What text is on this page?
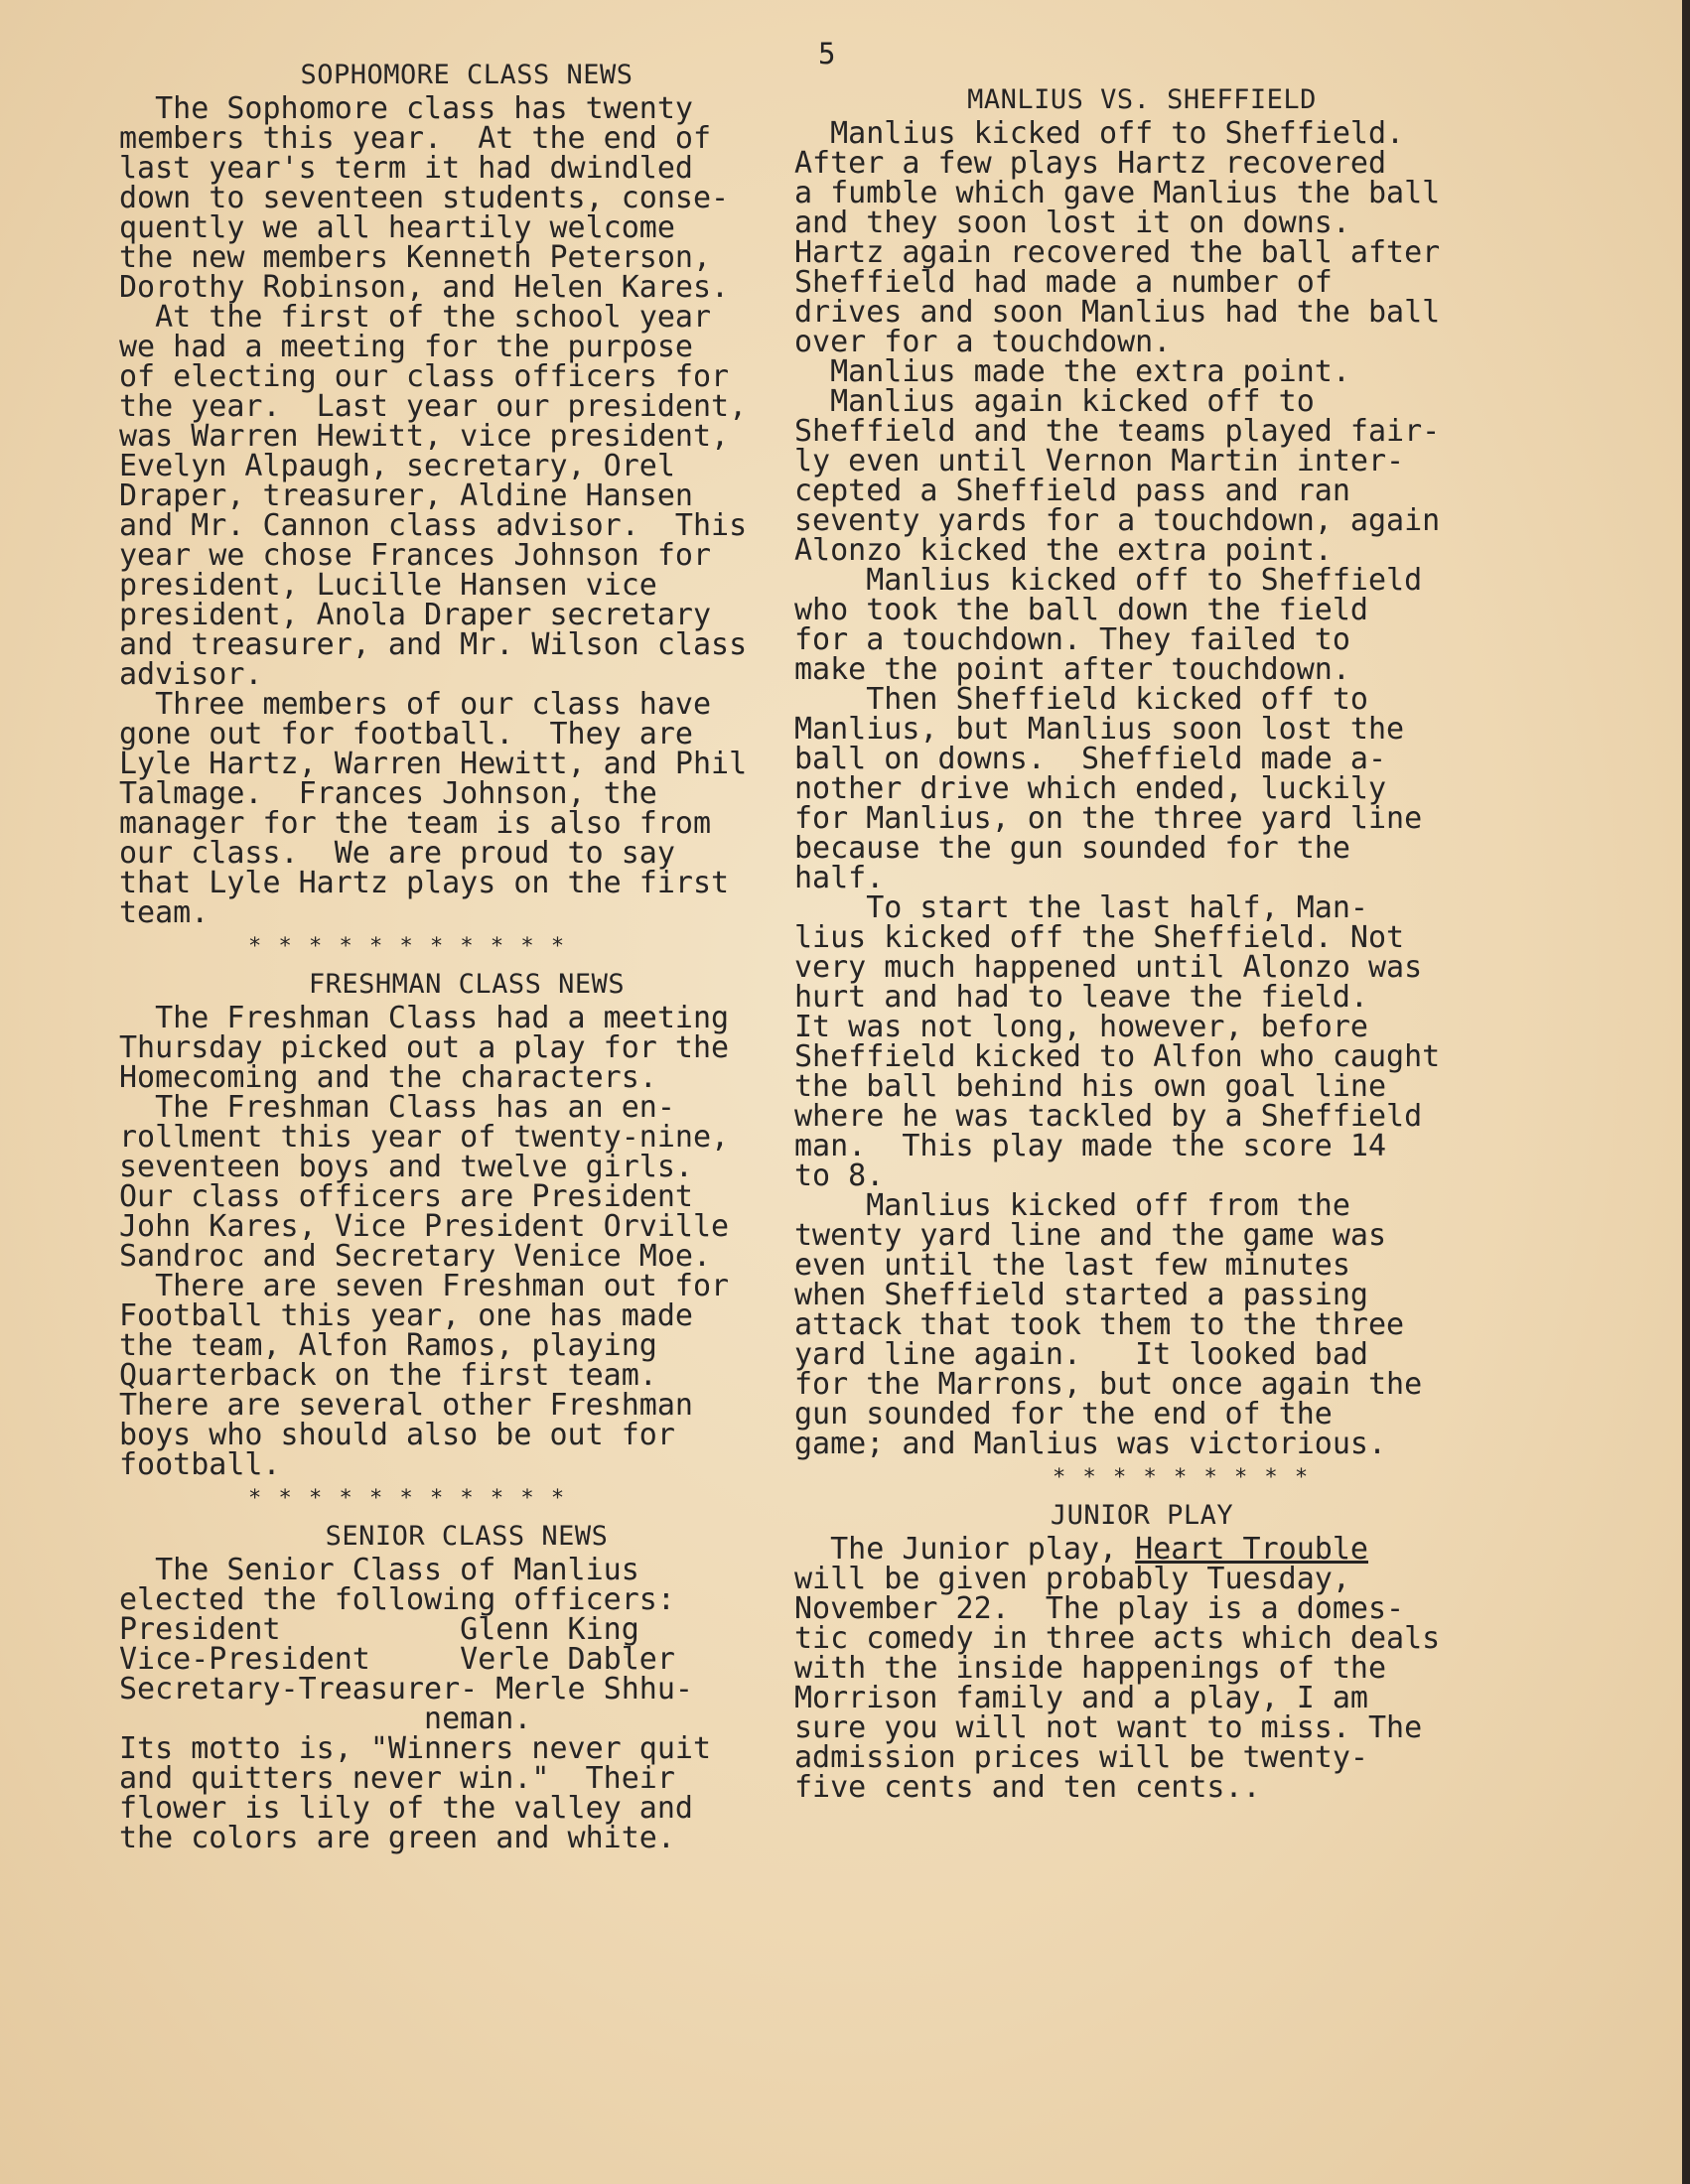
5

SOPHOMORE CLASS NEWS

The Sophomore class has twenty
members this year.  At the end of
last year's term it had dwindled
down to seventeen students, conse-
quently we all heartily welcome
the new members Kenneth Peterson,
Dorothy Robinson, and Helen Kares.

At the first of the school year
we had a meeting for the purpose
of electing our class officers for
the year.  Last year our president,
was Warren Hewitt, vice president,
Evelyn Alpaugh, secretary, Orel
Draper, treasurer, Aldine Hansen
and Mr. Cannon class advisor.  This
year we chose Frances Johnson for
president, Lucille Hansen vice
president, Anola Draper secretary
and treasurer, and Mr. Wilson class
advisor.

Three members of our class have
gone out for football.  They are
Lyle Hartz, Warren Hewitt, and Phil
Talmage.  Frances Johnson, the
manager for the team is also from
our class.  We are proud to say
that Lyle Hartz plays on the first
team.

* * * * * * * * * * *
FRESHMAN CLASS NEWS

The Freshman Class had a meeting
Thursday picked out a play for the
Homecoming and the characters.

The Freshman Class has an en-
rollment this year of twenty-nine,
seventeen boys and twelve girls.
Our class officers are President
John Kares, Vice President Orville
Sandroc and Secretary Venice Moe.

There are seven Freshman out for
Football this year, one has made
the team, Alfon Ramos, playing
Quarterback on the first team.
There are several other Freshman
boys who should also be out for
football.

* * * * * * * * * * *
SENIOR CLASS NEWS

The Senior Class of Manlius
elected the following officers:
President          Glenn King
Vice-President     Verle Dabler
Secretary-Treasurer- Merle Shhu-
neman.

Its motto is, "Winners never quit
and quitters never win."  Their
flower is lily of the valley and
the colors are green and white.

MANLIUS VS. SHEFFIELD

Manlius kicked off to Sheffield.
After a few plays Hartz recovered
a fumble which gave Manlius the ball
and they soon lost it on downs.
Hartz again recovered the ball after
Sheffield had made a number of
drives and soon Manlius had the ball
over for a touchdown.

Manlius made the extra point.

Manlius again kicked off to
Sheffield and the teams played fair-
ly even until Vernon Martin inter-
cepted a Sheffield pass and ran
seventy yards for a touchdown, again
Alonzo kicked the extra point.

Manlius kicked off to Sheffield
who took the ball down the field
for a touchdown. They failed to
make the point after touchdown.

Then Sheffield kicked off to
Manlius, but Manlius soon lost the
ball on downs.  Sheffield made a-
nother drive which ended, luckily
for Manlius, on the three yard line
because the gun sounded for the
half.

To start the last half, Man-
lius kicked off the Sheffield. Not
very much happened until Alonzo was
hurt and had to leave the field.
It was not long, however, before
Sheffield kicked to Alfon who caught
the ball behind his own goal line
where he was tackled by a Sheffield
man.  This play made the score 14
to 8.

Manlius kicked off from the
twenty yard line and the game was
even until the last few minutes
when Sheffield started a passing
attack that took them to the three
yard line again.   It looked bad
for the Marrons, but once again the
gun sounded for the end of the
game; and Manlius was victorious.

* * * * * * * * *
JUNIOR PLAY

The Junior play, Heart Trouble
will be given probably Tuesday,
November 22.  The play is a domes-
tic comedy in three acts which deals
with the inside happenings of the
Morrison family and a play, I am
sure you will not want to miss. The
admission prices will be twenty-
five cents and ten cents..
